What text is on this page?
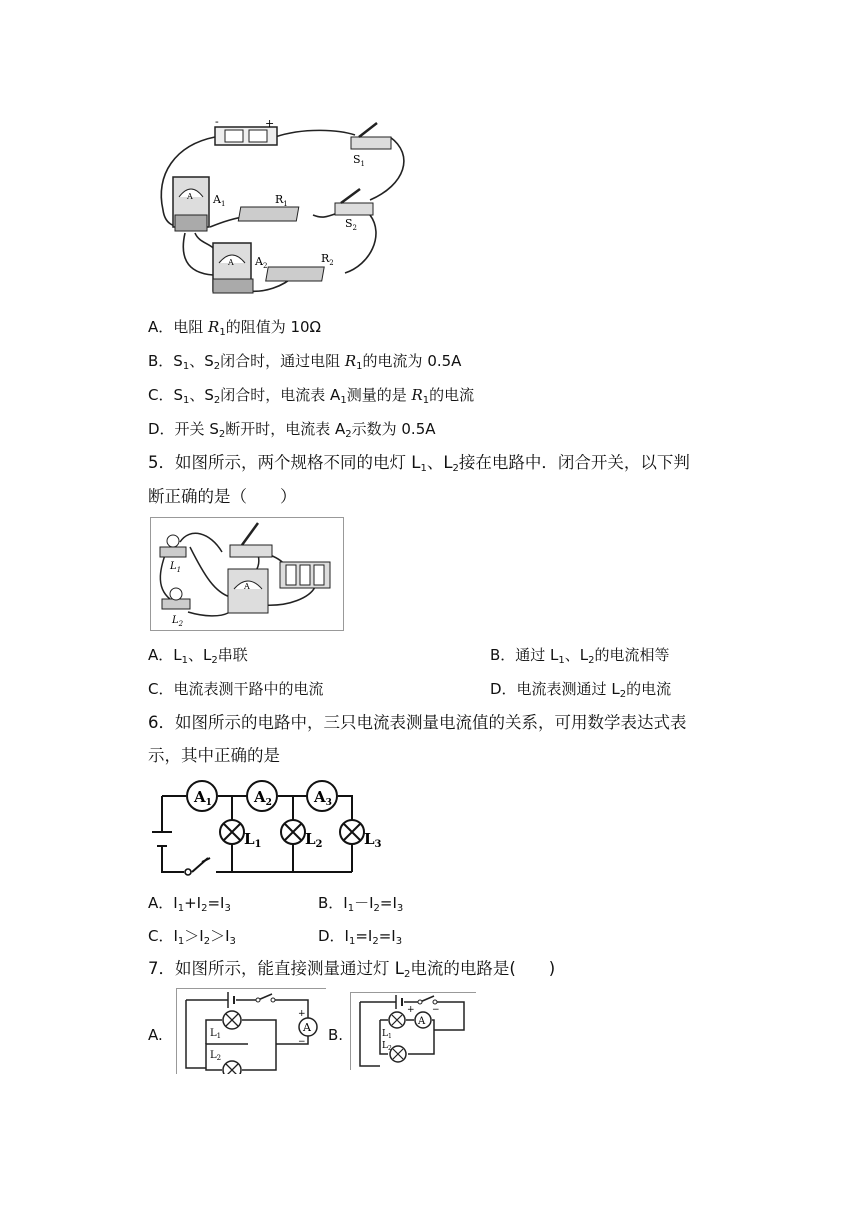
-	+
$S_1$
A $A_1$	$R_1$
$S_2$
A $A_2$
$R_2$
A．电阻 $R_1$的阻值为 10Ω
B．$S_1$、$S_2$闭合时，通过电阻 $R_1$的电流为 0.5A
C．$S_1$、$S_2$闭合时，电流表 $A_1$测量的是 $R_1$的电流
D．开关 $S_2$断开时，电流表 $A_2$示数为 0.5A
5．如图所示，两个规格不同的电灯 $L_1$、$L_2$接在电路中．闭合开关，以下判
断正确的是（　　）
$L_1$
$L_2$
A
A．$L_1$、$L_2$串联	B．通过 $L_1$、$L_2$的电流相等
C．电流表测干路中的电流	D．电流表测通过 $L_2$的电流
6．如图所示的电路中，三只电流表测量电流值的关系，可用数学表达式表
示，其中正确的是
$A_1$	$A_2$	$A_3$
$L_1$	$L_2$	$L_3$
A．$I_1+I_2=I_3$	B．$I_1-I_2=I_3$
C．$I_1>I_2>I_3$	D．$I_1=I_2=I_3$
7．如图所示，能直接测量通过灯 $L_2$电流的电路是(　　)
A.	A
+
−
$L_1$
$L_2$
B.
A
+ −
$L_1$
$L_2$
